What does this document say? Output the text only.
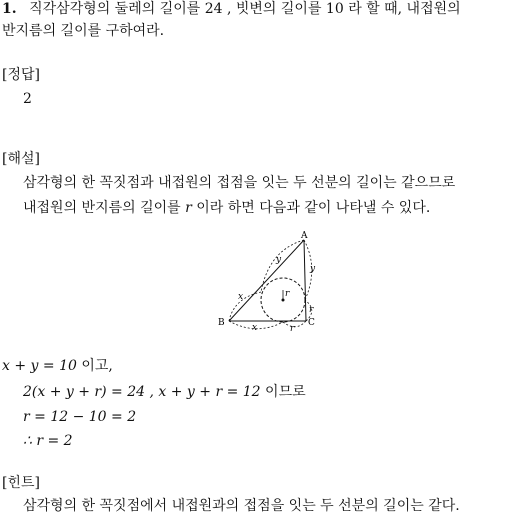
1. 직각삼각형의 둘레의 길이를 24 , 빗변의 길이를 10 라 할 때, 내접원의
반지름의 길이를 구하여라.
[정답]
2
[해설]
삼각형의 한 꼭짓점과 내접원의 접점을 잇는 두 선분의 길이는 같으므로
내접원의 반지름의 길이를 r 이라 하면 다음과 같이 나타낼 수 있다.
A
B	C
x
x
y
y
r
r
r
x + y = 10 이고,
2(x + y + r) = 24 , x + y + r = 12 이므로
r = 12 − 10 = 2
∴ r = 2
[힌트]
삼각형의 한 꼭짓점에서 내접원과의 접점을 잇는 두 선분의 길이는 같다.
